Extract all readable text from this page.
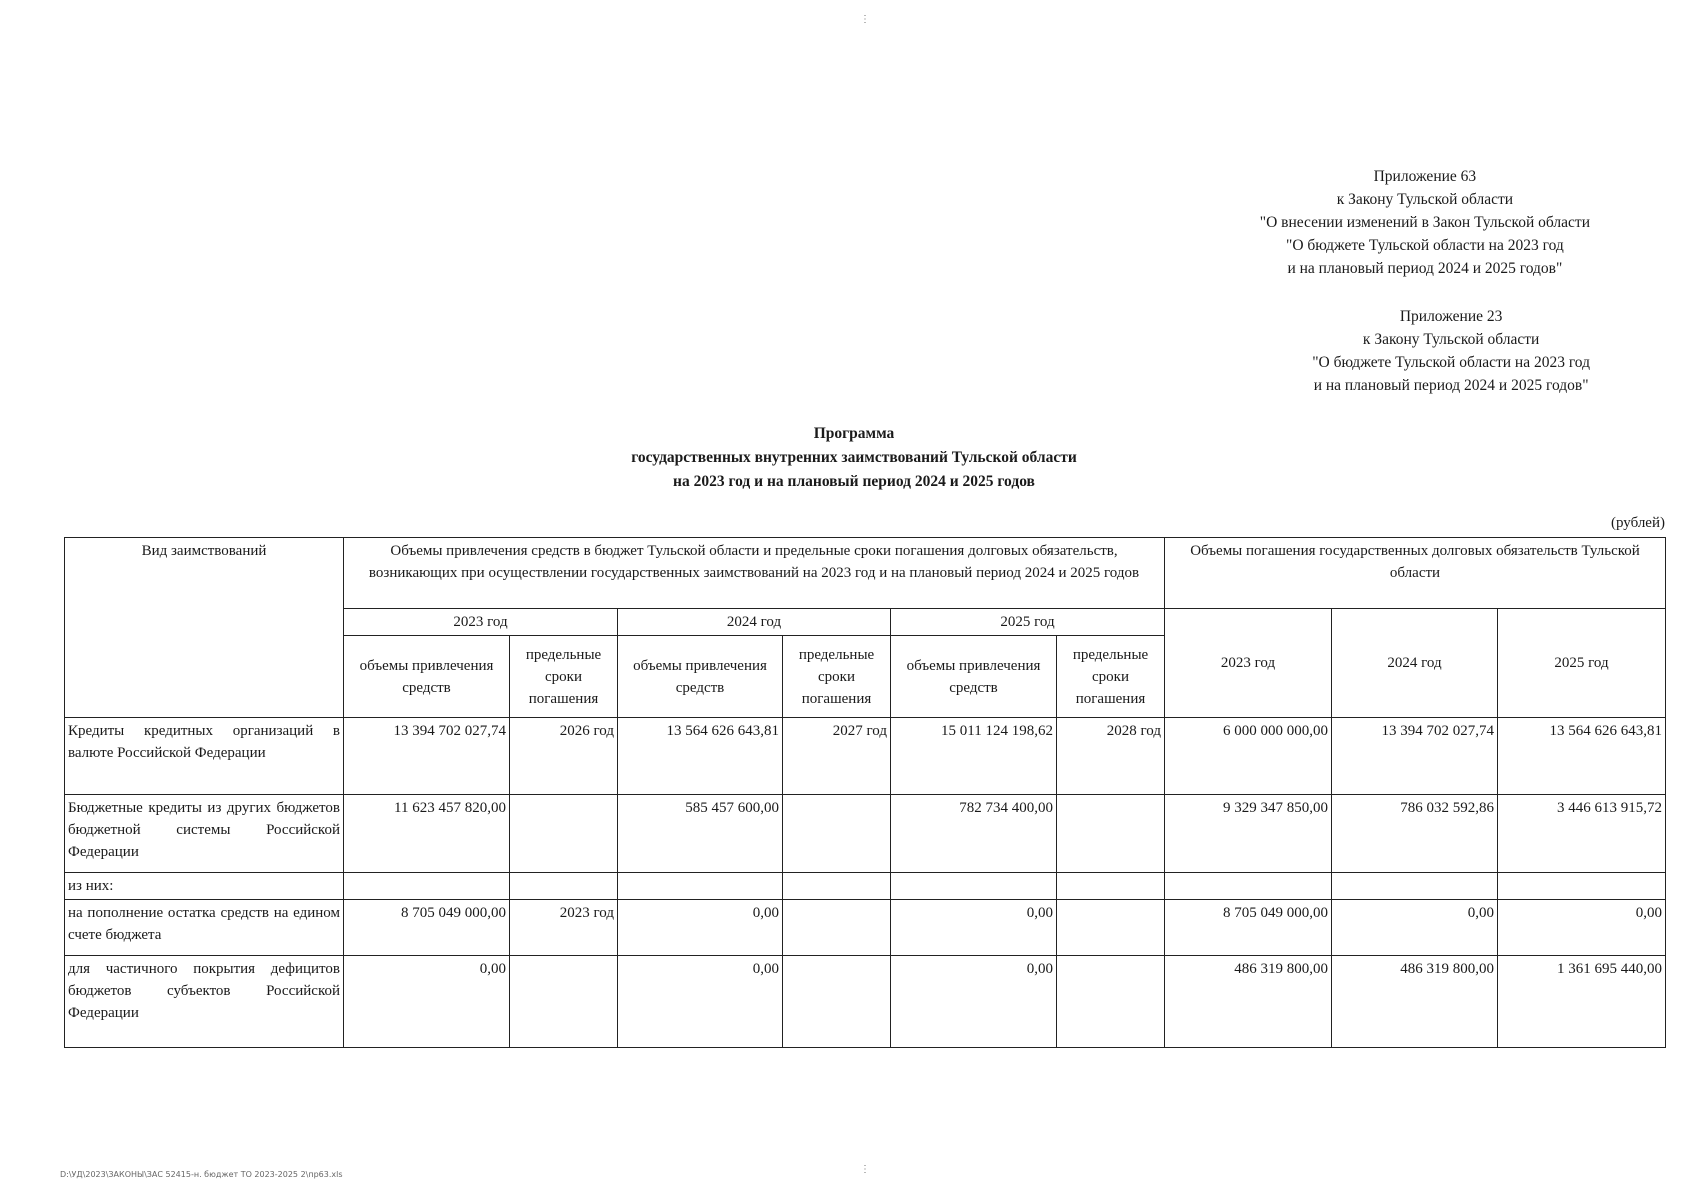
⋮
Приложение 63
к Закону Тульской области
"О внесении изменений в Закон Тульской области
"О бюджете Тульской области на 2023 год
и на плановый период 2024 и 2025 годов"
Приложение 23
к Закону Тульской области
"О бюджете Тульской области на 2023 год
и на плановый период 2024 и 2025 годов"
Программа
государственных внутренних заимствований Тульской области
на 2023 год и на плановый период 2024 и 2025 годов
(рублей)
Вид заимствований	Объемы привлечения средств в бюджет Тульской области и предельные сроки погашения долговых обязательств, возникающих при осуществлении государственных заимствований на 2023 год и на плановый период 2024 и 2025 годов						Объемы погашения государственных долговых обязательств Тульской области		
	2023 год		2024 год		2025 год		2023 год	2024 год	2025 год
	объемы привлечения средств	предельные сроки погашения	объемы привлечения средств	предельные сроки погашения	объемы привлечения средств	предельные сроки погашения			
Кредиты кредитных организаций в валюте Российской Федерации	13 394 702 027,74	2026 год	13 564 626 643,81	2027 год	15 011 124 198,62	2028 год	6 000 000 000,00	13 394 702 027,74	13 564 626 643,81
Бюджетные кредиты из других бюджетов бюджетной системы Российской Федерации	11 623 457 820,00		585 457 600,00		782 734 400,00		9 329 347 850,00	786 032 592,86	3 446 613 915,72
из них:									
на пополнение остатка средств на едином счете бюджета	8 705 049 000,00	2023 год	0,00		0,00		8 705 049 000,00	0,00	0,00
для частичного покрытия дефицитов бюджетов субъектов Российской Федерации	0,00		0,00		0,00		486 319 800,00	486 319 800,00	1 361 695 440,00
D:\УД\2023\ЗАКОНЫ\ЗАС 52415-н. бюджет ТО 2023-2025 2\пр63.xls	⋮
